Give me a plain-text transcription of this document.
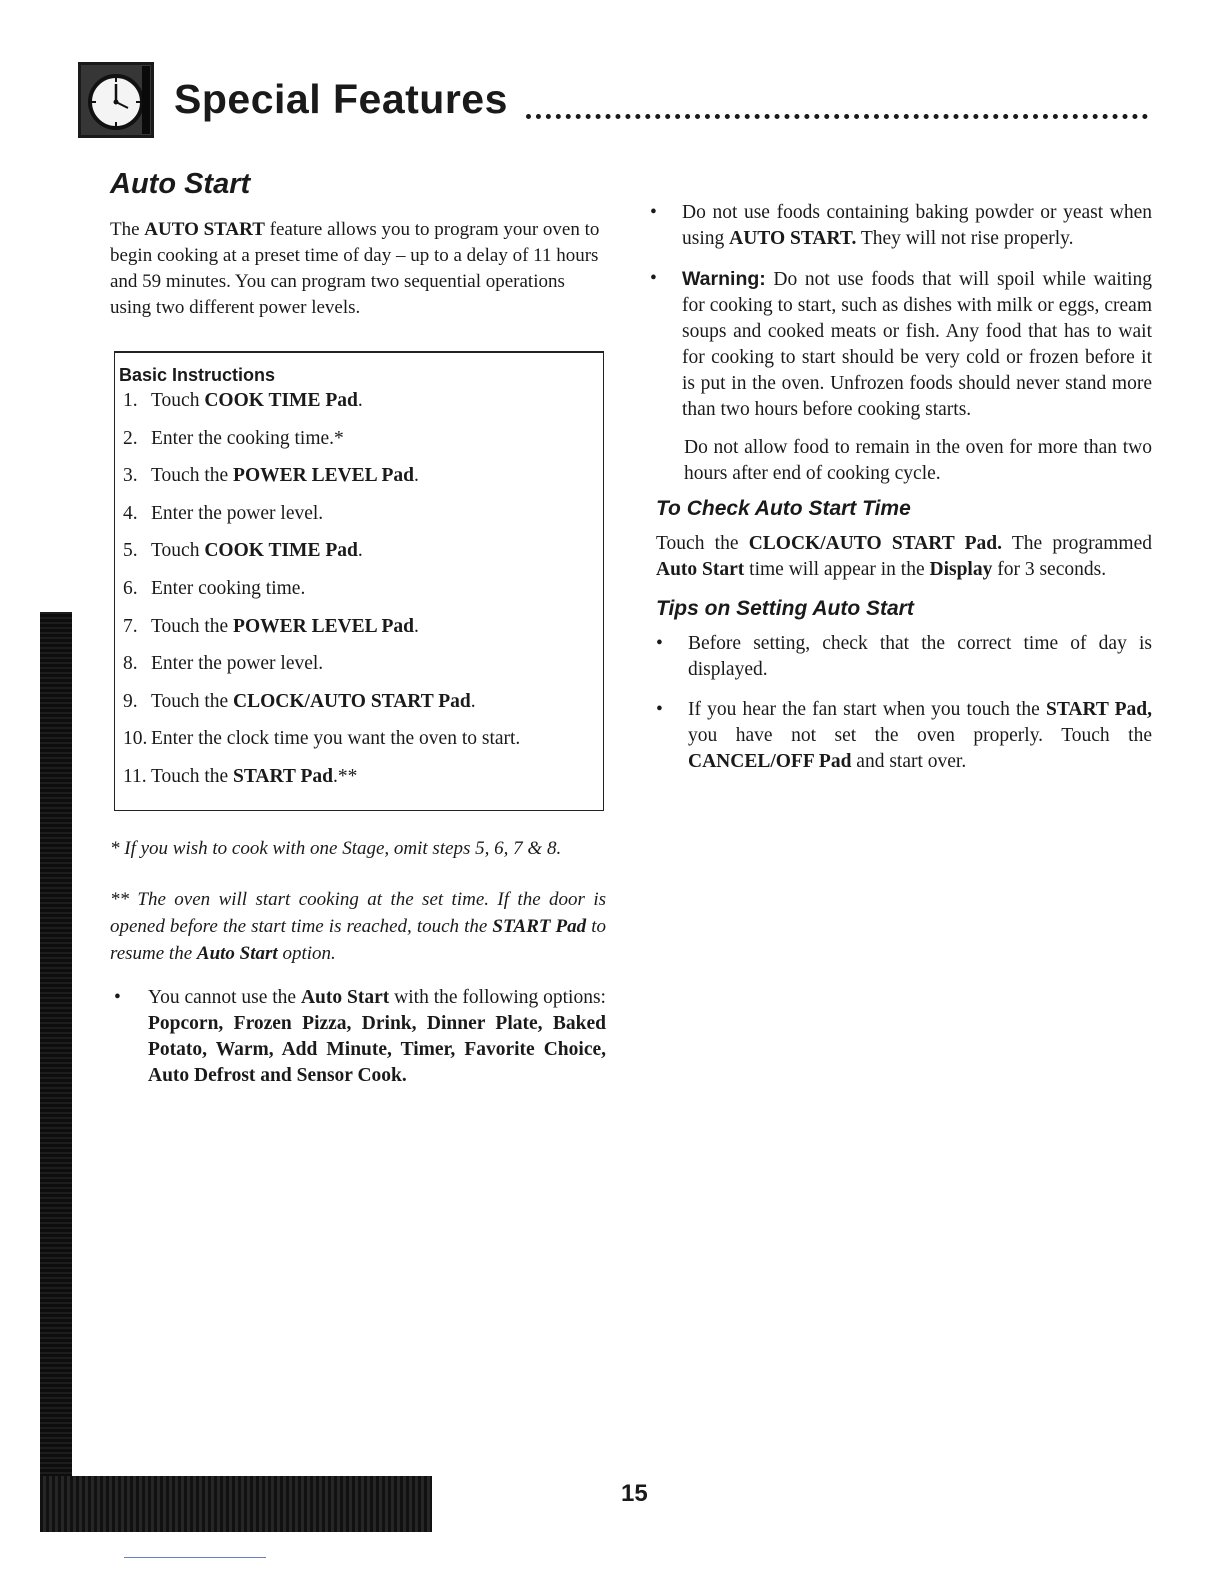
Special Features
Auto Start

The AUTO START feature allows you to program your oven to begin cooking at a preset time of day – up to a delay of 11 hours and 59 minutes. You can program two sequential operations using two different power levels.

Basic Instructions
1. Touch COOK TIME Pad.
2. Enter the cooking time.*
3. Touch the POWER LEVEL Pad.
4. Enter the power level.
5. Touch COOK TIME Pad.
6. Enter cooking time.
7. Touch the POWER LEVEL Pad.
8. Enter the power level.
9. Touch the CLOCK/AUTO START Pad.
10. Enter the clock time you want the oven to start.
11. Touch the START Pad.**

* If you wish to cook with one Stage, omit steps 5, 6, 7 & 8.

** The oven will start cooking at the set time. If the door is opened before the start time is reached, touch the START Pad to resume the Auto Start option.

• You cannot use the Auto Start with the following options: Popcorn, Frozen Pizza, Drink, Dinner Plate, Baked Potato, Warm, Add Minute, Timer, Favorite Choice, Auto Defrost and Sensor Cook.
• Do not use foods containing baking powder or yeast when using AUTO START. They will not rise properly.
• Warning: Do not use foods that will spoil while waiting for cooking to start, such as dishes with milk or eggs, cream soups and cooked meats or fish. Any food that has to wait for cooking to start should be very cold or frozen before it is put in the oven. Unfrozen foods should never stand more than two hours before cooking starts.
Do not allow food to remain in the oven for more than two hours after end of cooking cycle.
To Check Auto Start Time

Touch the CLOCK/AUTO START Pad. The programmed Auto Start time will appear in the Display for 3 seconds.

Tips on Setting Auto Start
• Before setting, check that the correct time of day is displayed.
• If you hear the fan start when you touch the START Pad, you have not set the oven properly. Touch the CANCEL/OFF Pad and start over.
15
